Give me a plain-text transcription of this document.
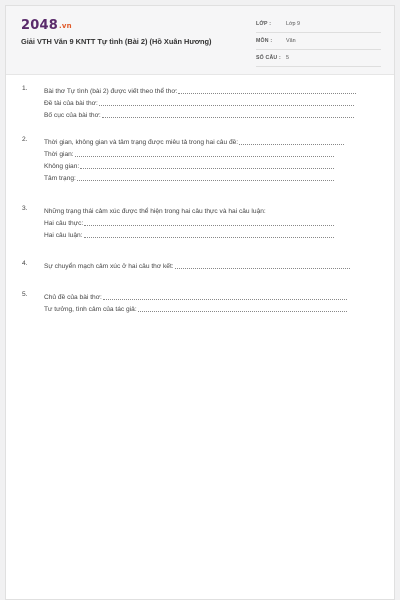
2048.vn
Giải VTH Văn 9 KNTT Tự tình (Bài 2) (Hồ Xuân Hương)
LỚP :	Lớp 9
MÔN :	Văn
SỐ CÂU : 5
1.	Bài thơ Tự tình (bài 2) được viết theo thể thơ:
Đề tài của bài thơ:
Bố cục của bài thơ:
2.	Thời gian, không gian và tâm trạng được miêu tả trong hai câu đề:
Thời gian:
Không gian:
Tâm trạng:
3.	Những trạng thái cảm xúc được thể hiện trong hai câu thực và hai câu luận:
Hai câu thực:
Hai câu luận:
4.	Sự chuyển mạch cảm xúc ở hai câu thơ kết:
5.	Chủ đề của bài thơ:
Tư tưởng, tình cảm của tác giả:
